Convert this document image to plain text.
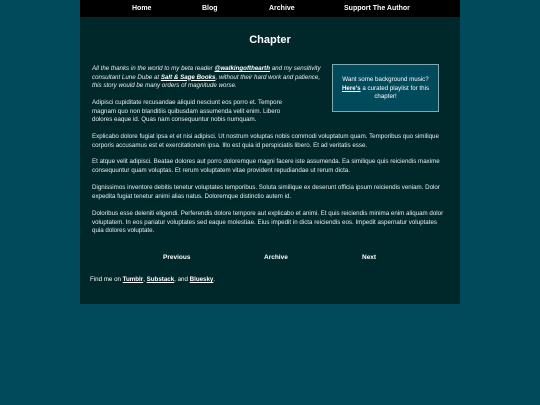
Home	Blog	Archive	Support The Author
Chapter
All the thanks in the world to my beta reader @walkingofthearth and my sensitivity consultant Lune Dube at Salt & Sage Books, without their hard work and patience, this story would be many orders of magnitude worse.
Want some background music?
Here's a curated playlist for this chapter!
Adipisci cupiditate recusandae aliquid nesciunt eos porro et. Tempore magnam quo non blanditiis quibusdam assumenda velit enim. Libero dolores eaque id. Quas nam consequuntur nobis numquam.
Explicabo dolore fugiat ipsa et et nisi adipisci. Ut nostrum voluptas nobis commodi voluptatum quam. Temporibus quo similique corporis accusamus est et exercitationem ipsa. Illo est quia id perspiciatis libero. Et ad veritatis esse.
Et atque velit adipisci. Beatae dolores aut porro doloremque magni facere iste assumenda. Ea similique quis reiciendis maxime consequuntur quam voluptas. Et rerum voluptatem vitae provident repudiandae ut rerum dicta.
Dignissimos inventore debitis tenetur voluptates temporibus. Soluta similique ex deserunt officia ipsum reiciendis veniam. Dolor expedita fugiat tenetur animi alias natus. Doloremque distinctio autem id.
Doloribus esse deleniti eligendi. Perferendis dolore tempore aut explicabo et animi. Et quis reiciendis minima enim aliquam dolor voluptatem. In eos pariatur voluptates sed eaque molestiae. Eius impedit in dicta reiciendis eos. Impedit aspernatur voluptates quia dolores voluptate.
Previous	Archive	Next
Find me on Tumblr, Substack, and Bluesky.
